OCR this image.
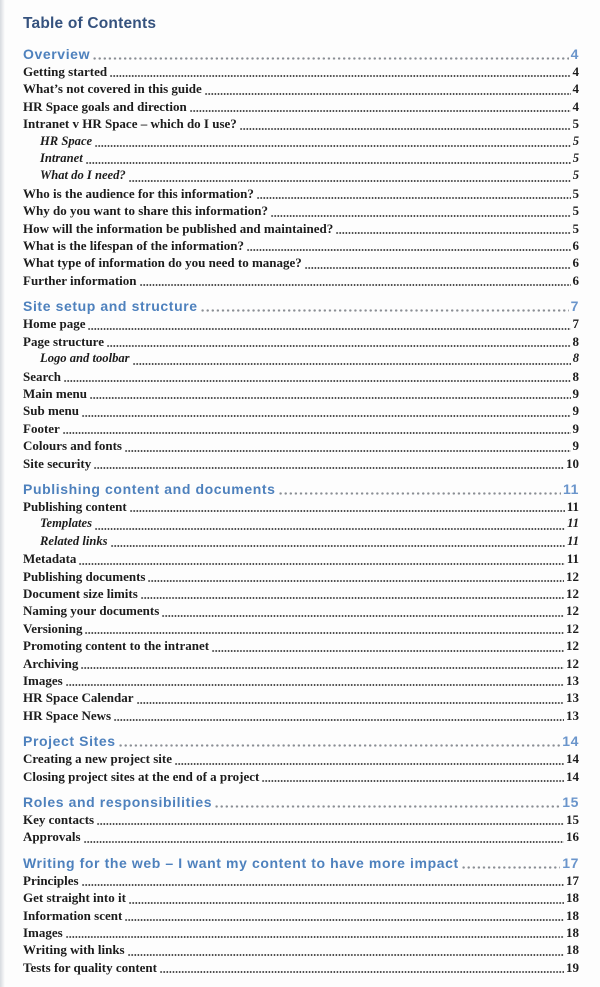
Table of Contents
Overview	4
Getting started	4
What’s not covered in this guide	4
HR Space goals and direction	4
Intranet v HR Space – which do I use?	5
HR Space	5
Intranet	5
What do I need?	5
Who is the audience for this information?	5
Why do you want to share this information?	5
How will the information be published and maintained?	5
What is the lifespan of the information?	6
What type of information do you need to manage?	6
Further information	6
Site setup and structure	7
Home page	7
Page structure	8
Logo and toolbar	8
Search	8
Main menu	9
Sub menu	9
Footer	9
Colours and fonts	9
Site security	10
Publishing content and documents	11
Publishing content	11
Templates	11
Related links	11
Metadata	11
Publishing documents	12
Document size limits	12
Naming your documents	12
Versioning	12
Promoting content to the intranet	12
Archiving	12
Images	13
HR Space Calendar	13
HR Space News	13
Project Sites	14
Creating a new project site	14
Closing project sites at the end of a project	14
Roles and responsibilities	15
Key contacts	15
Approvals	16
Writing for the web – I want my content to have more impact	17
Principles	17
Get straight into it	18
Information scent	18
Images	18
Writing with links	18
Tests for quality content	19
